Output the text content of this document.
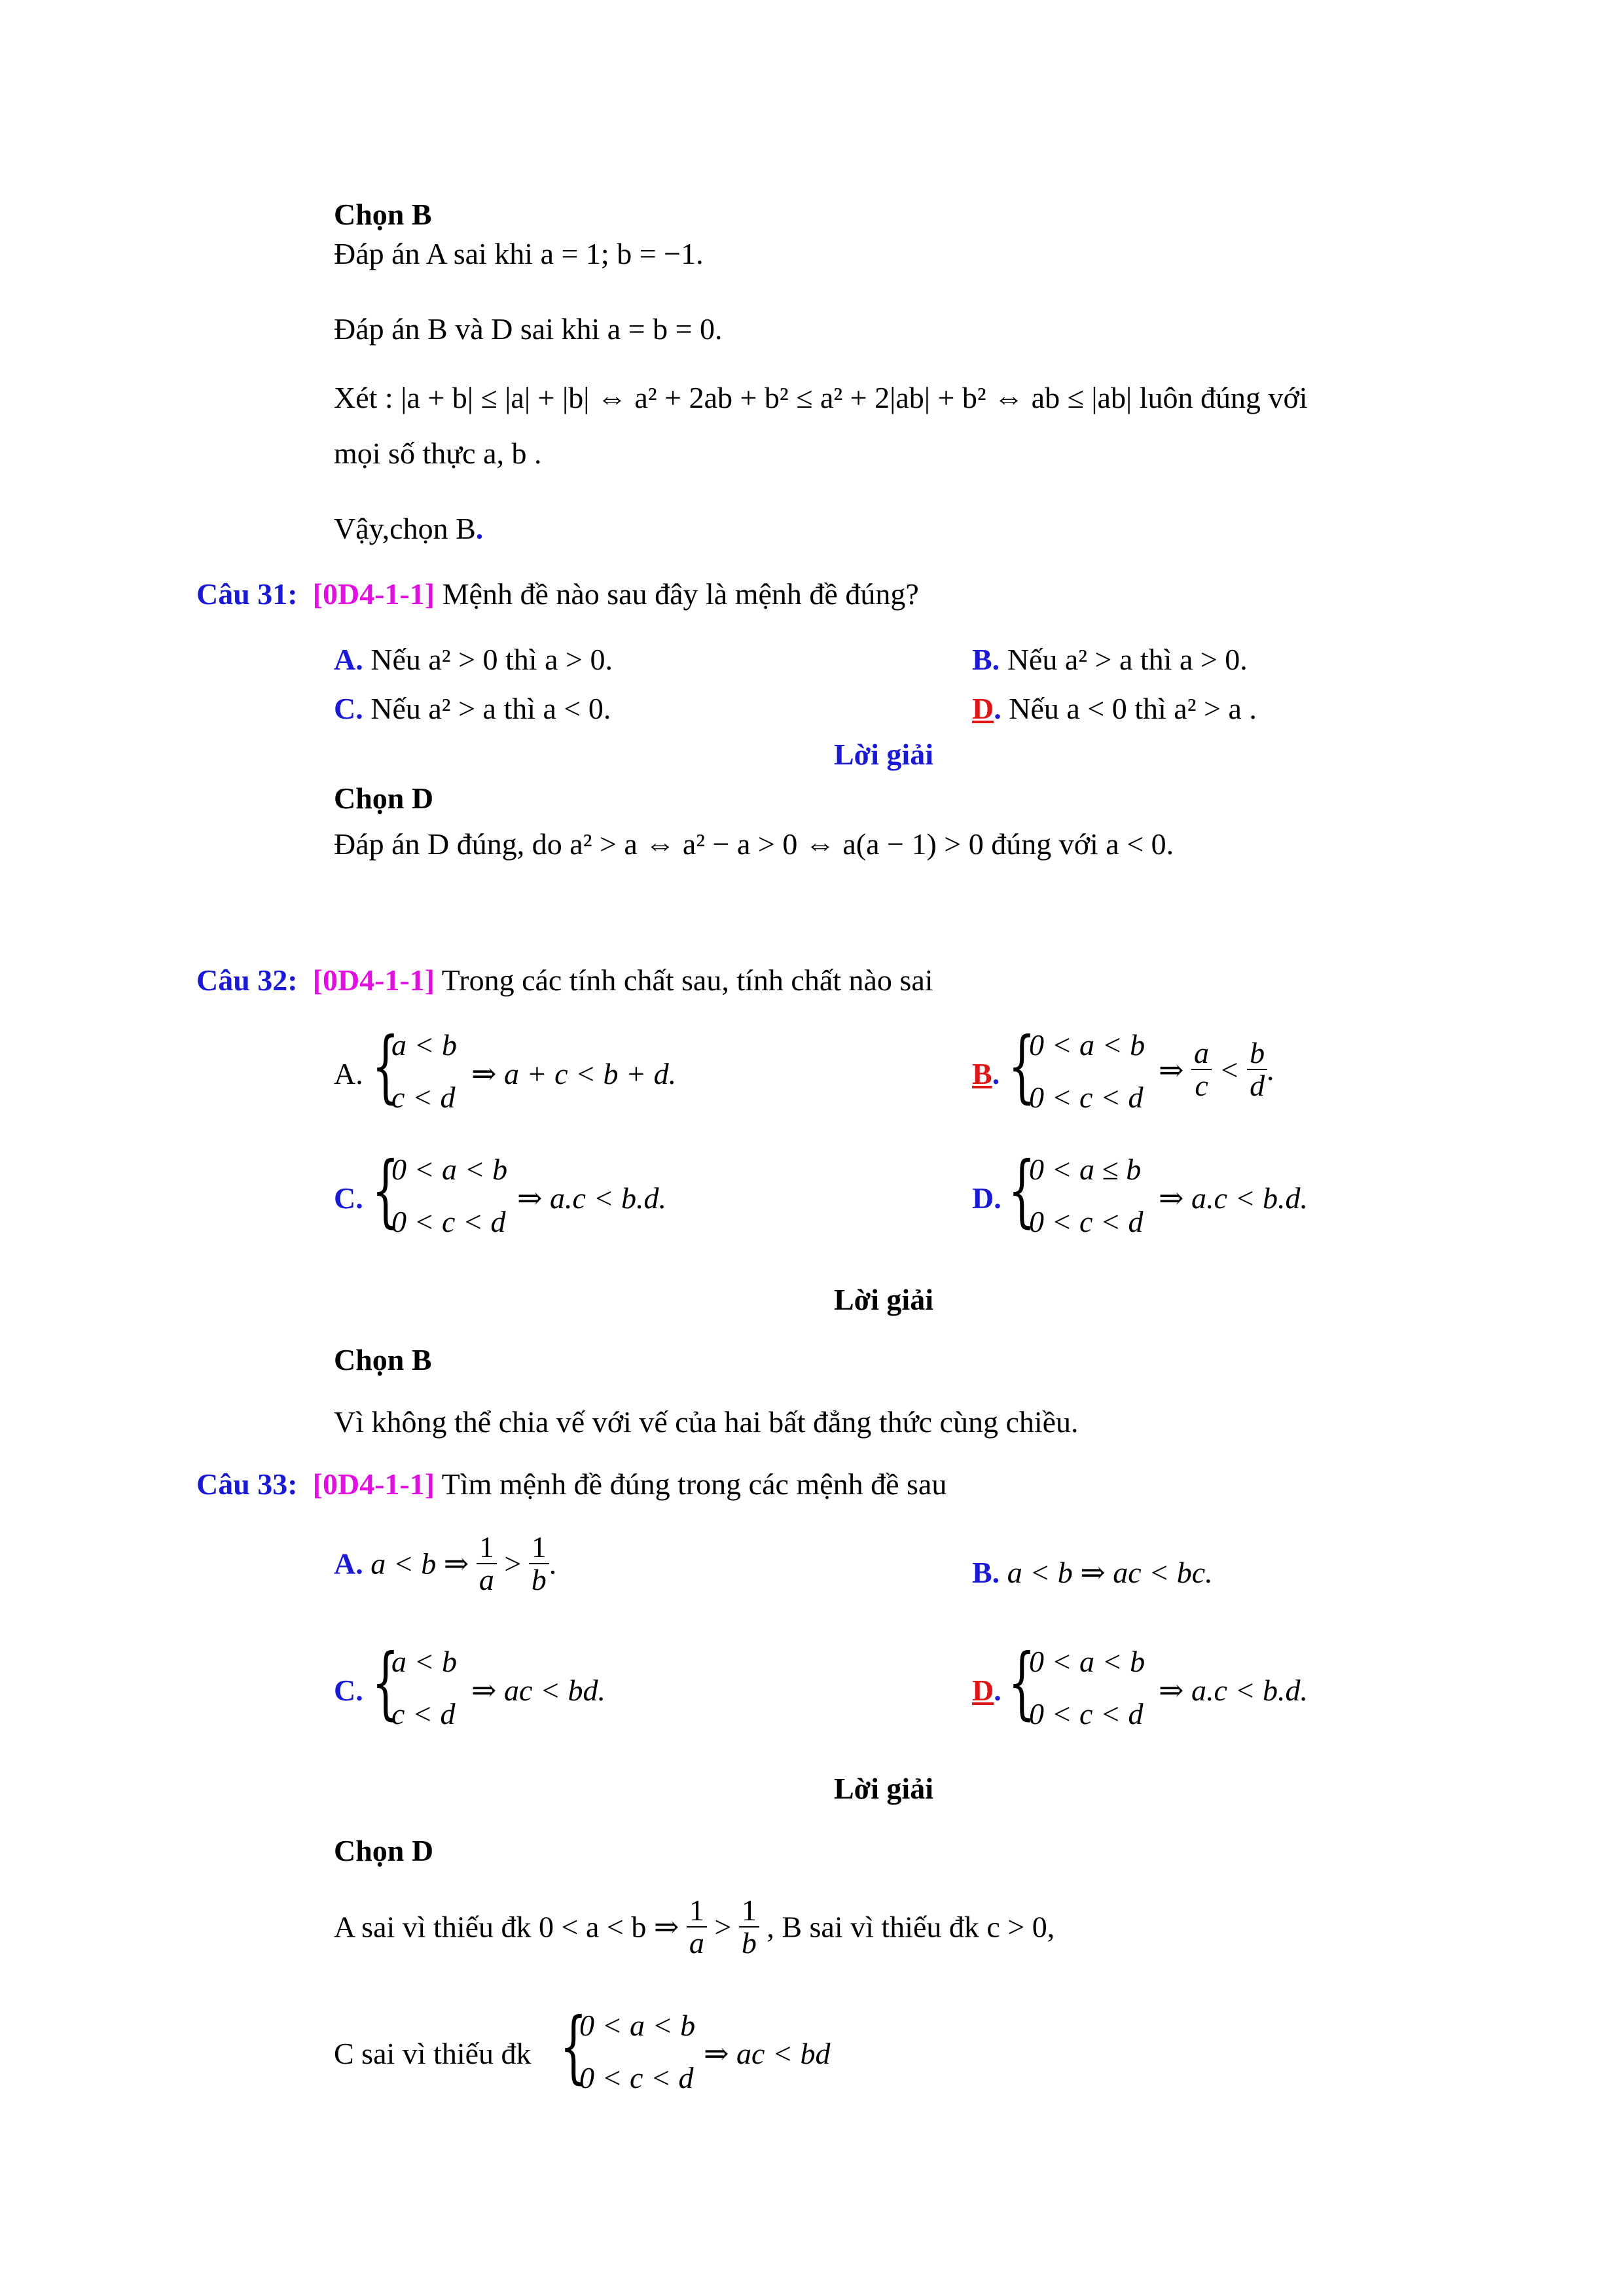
Chọn B
Đáp án A sai khi a = 1; b = −1.
Đáp án B và D sai khi a = b = 0.
Xét : |a + b| ≤ |a| + |b| ⇔ a² + 2ab + b² ≤ a² + 2|ab| + b² ⇔ ab ≤ |ab| luôn đúng với
mọi số thực a, b .
Vậy,chọn B.
Câu 31: [0D4-1-1] Mệnh đề nào sau đây là mệnh đề đúng?
A. Nếu a² > 0 thì a > 0.	B. Nếu a² > a thì a > 0.
C. Nếu a² > a thì a < 0.	D. Nếu a < 0 thì a² > a .
Lời giải
Chọn D
Đáp án D đúng, do a² > a ⇔ a² − a > 0 ⇔ a(a − 1) > 0 đúng với a < 0.
Câu 32: [0D4-1-1] Trong các tính chất sau, tính chất nào sai
A. {
a < b
c < d
⇒ a + c < b + d.	B. {
0 < a < b
0 < c < d
⇒ $\frac{a}{c} < \frac{b}{d}$ .
C. {
0 < a < b
0 < c < d
⇒ a.c < b.d.	D. {
0 < a ≤ b
0 < c < d
⇒ a.c < b.d.
Lời giải
Chọn B
Vì không thể chia vế với vế của hai bất đẳng thức cùng chiều.
Câu 33: [0D4-1-1] Tìm mệnh đề đúng trong các mệnh đề sau
A. a < b ⇒ $\frac{1}{a} > \frac{1}{b}$ .	B. a < b ⇒ ac < bc.
C. {
a < b
c < d
⇒ ac < bd.	D. {
0 < a < b
0 < c < d
⇒ a.c < b.d.
Lời giải
Chọn D
A sai vì thiếu đk 0 < a < b ⇒ $\frac{1}{a} > \frac{1}{b}$ , B sai vì thiếu đk c > 0,
C sai vì thiếu đk {
0 < a < b
0 < c < d
⇒ ac < bd
